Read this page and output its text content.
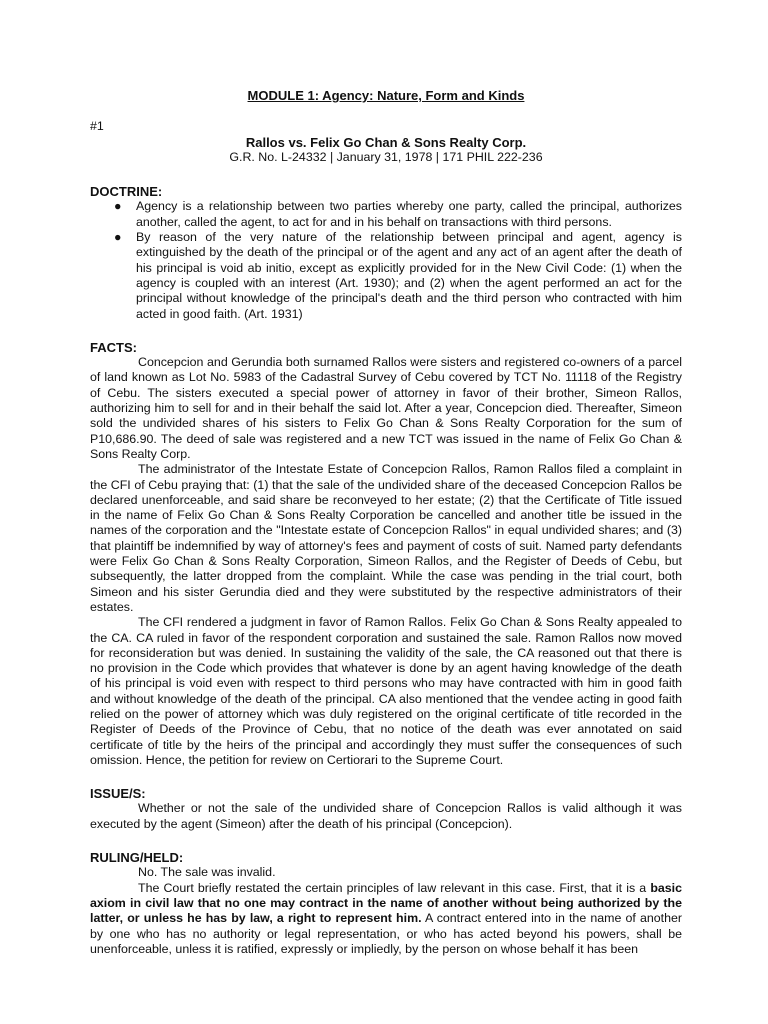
MODULE 1: Agency: Nature, Form and Kinds

#1

Rallos vs. Felix Go Chan & Sons Realty Corp.

G.R. No. L-24332 | January 31, 1978 | 171 PHIL 222-236

DOCTRINE:

● Agency is a relationship between two parties whereby one party, called the principal, authorizes another, called the agent, to act for and in his behalf on transactions with third persons.
● By reason of the very nature of the relationship between principal and agent, agency is extinguished by the death of the principal or of the agent and any act of an agent after the death of his principal is void ab initio, except as explicitly provided for in the New Civil Code: (1) when the agency is coupled with an interest (Art. 1930); and (2) when the agent performed an act for the principal without knowledge of the principal's death and the third person who contracted with him acted in good faith. (Art. 1931)

FACTS:

Concepcion and Gerundia both surnamed Rallos were sisters and registered co-owners of a parcel of land known as Lot No. 5983 of the Cadastral Survey of Cebu covered by TCT No. 11118 of the Registry of Cebu. The sisters executed a special power of attorney in favor of their brother, Simeon Rallos, authorizing him to sell for and in their behalf the said lot. After a year, Concepcion died. Thereafter, Simeon sold the undivided shares of his sisters to Felix Go Chan & Sons Realty Corporation for the sum of P10,686.90. The deed of sale was registered and a new TCT was issued in the name of Felix Go Chan & Sons Realty Corp.

The administrator of the Intestate Estate of Concepcion Rallos, Ramon Rallos filed a complaint in the CFI of Cebu praying that: (1) that the sale of the undivided share of the deceased Concepcion Rallos be declared unenforceable, and said share be reconveyed to her estate; (2) that the Certificate of Title issued in the name of Felix Go Chan & Sons Realty Corporation be cancelled and another title be issued in the names of the corporation and the "Intestate estate of Concepcion Rallos" in equal undivided shares; and (3) that plaintiff be indemnified by way of attorney's fees and payment of costs of suit. Named party defendants were Felix Go Chan & Sons Realty Corporation, Simeon Rallos, and the Register of Deeds of Cebu, but subsequently, the latter dropped from the complaint. While the case was pending in the trial court, both Simeon and his sister Gerundia died and they were substituted by the respective administrators of their estates.

The CFI rendered a judgment in favor of Ramon Rallos. Felix Go Chan & Sons Realty appealed to the CA. CA ruled in favor of the respondent corporation and sustained the sale. Ramon Rallos now moved for reconsideration but was denied. In sustaining the validity of the sale, the CA reasoned out that there is no provision in the Code which provides that whatever is done by an agent having knowledge of the death of his principal is void even with respect to third persons who may have contracted with him in good faith and without knowledge of the death of the principal. CA also mentioned that the vendee acting in good faith relied on the power of attorney which was duly registered on the original certificate of title recorded in the Register of Deeds of the Province of Cebu, that no notice of the death was ever annotated on said certificate of title by the heirs of the principal and accordingly they must suffer the consequences of such omission. Hence, the petition for review on Certiorari to the Supreme Court.

ISSUE/S:

Whether or not the sale of the undivided share of Concepcion Rallos is valid although it was executed by the agent (Simeon) after the death of his principal (Concepcion).

RULING/HELD:

No. The sale was invalid.

The Court briefly restated the certain principles of law relevant in this case. First, that it is a basic axiom in civil law that no one may contract in the name of another without being authorized by the latter, or unless he has by law, a right to represent him. A contract entered into in the name of another by one who has no authority or legal representation, or who has acted beyond his powers, shall be unenforceable, unless it is ratified, expressly or impliedly, by the person on whose behalf it has been
